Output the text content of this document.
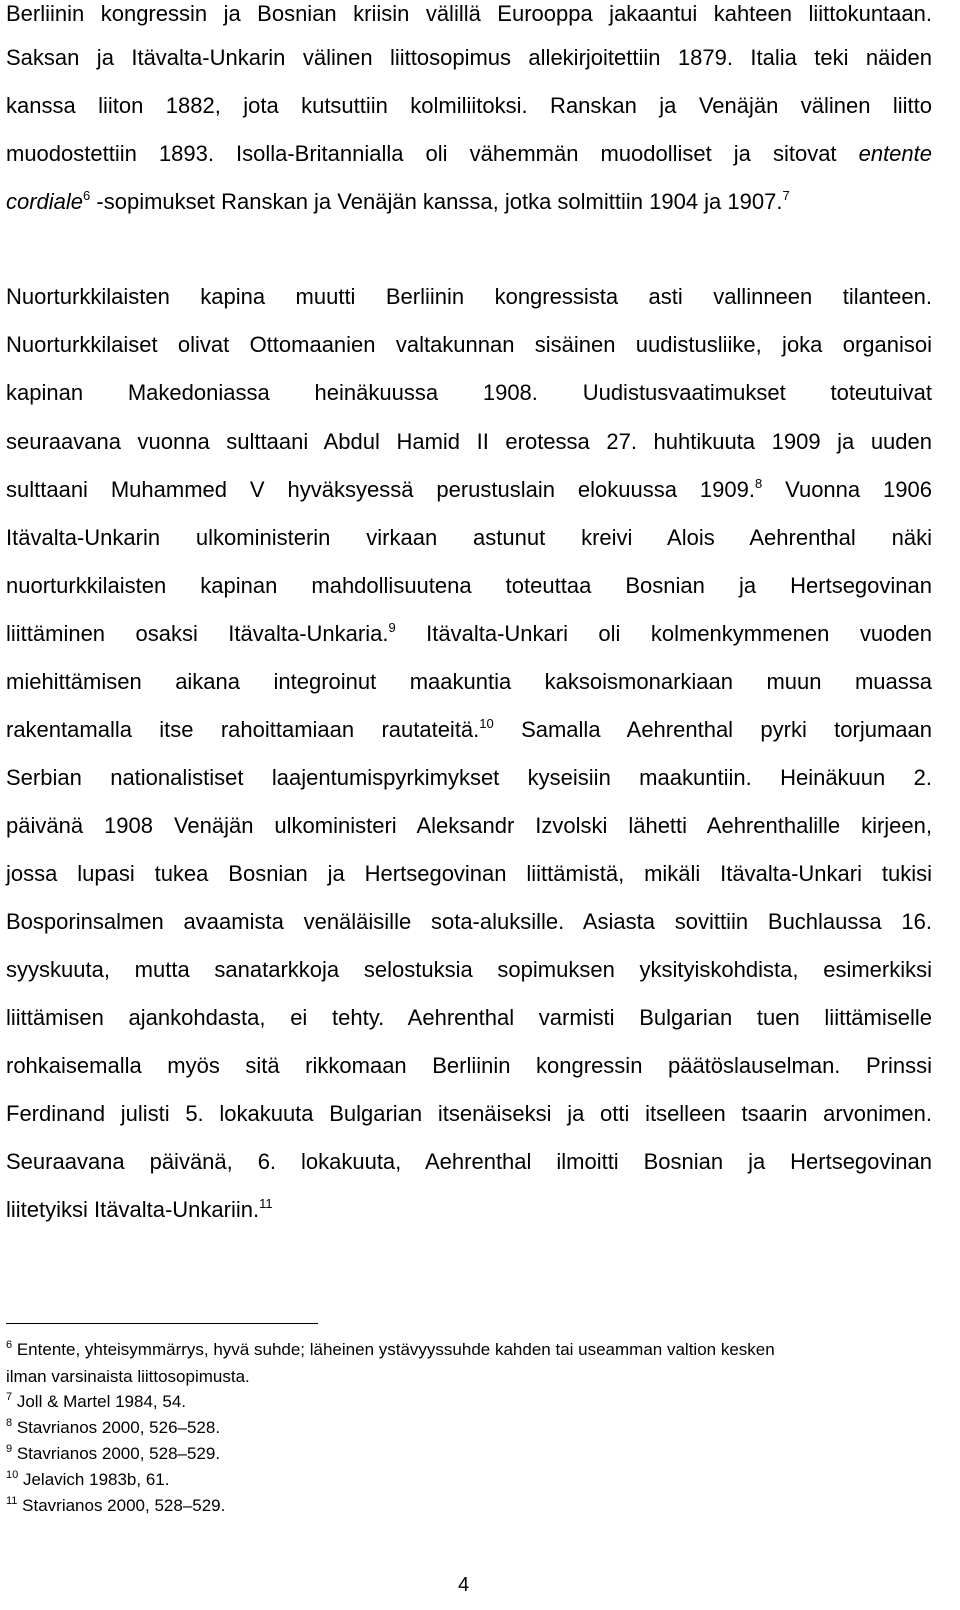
Berliinin kongressin ja Bosnian kriisin välillä Eurooppa jakaantui kahteen liittokuntaan.
Saksan ja Itävalta-Unkarin välinen liittosopimus allekirjoitettiin 1879. Italia teki näiden
kanssa liiton 1882, jota kutsuttiin kolmiliitoksi. Ranskan ja Venäjän välinen liitto
muodostettiin 1893. Isolla-Britannialla oli vähemmän muodolliset ja sitovat entente
cordiale$^6$ -sopimukset Ranskan ja Venäjän kanssa, jotka solmittiin 1904 ja 1907.$^7$
Nuorturkkilaisten kapina muutti Berliinin kongressista asti vallinneen tilanteen.
Nuorturkkilaiset olivat Ottomaanien valtakunnan sisäinen uudistusliike, joka organisoi
kapinan Makedoniassa heinäkuussa 1908. Uudistusvaatimukset toteutuivat
seuraavana vuonna sulttaani Abdul Hamid II erotessa 27. huhtikuuta 1909 ja uuden
sulttaani Muhammed V hyväksyessä perustuslain elokuussa 1909.$^8$ Vuonna 1906
Itävalta-Unkarin ulkoministerin virkaan astunut kreivi Alois Aehrenthal näki
nuorturkkilaisten kapinan mahdollisuutena toteuttaa Bosnian ja Hertsegovinan
liittäminen osaksi Itävalta-Unkaria.$^9$ Itävalta-Unkari oli kolmenkymmenen vuoden
miehittämisen aikana integroinut maakuntia kaksoismonarkiaan muun muassa
rakentamalla itse rahoittamiaan rautateitä.$^{10}$ Samalla Aehrenthal pyrki torjumaan
Serbian nationalistiset laajentumispyrkimykset kyseisiin maakuntiin. Heinäkuun 2.
päivänä 1908 Venäjän ulkoministeri Aleksandr Izvolski lähetti Aehrenthalille kirjeen,
jossa lupasi tukea Bosnian ja Hertsegovinan liittämistä, mikäli Itävalta-Unkari tukisi
Bosporinsalmen avaamista venäläisille sota-aluksille. Asiasta sovittiin Buchlaussa 16.
syyskuuta, mutta sanatarkkoja selostuksia sopimuksen yksityiskohdista, esimerkiksi
liittämisen ajankohdasta, ei tehty. Aehrenthal varmisti Bulgarian tuen liittämiselle
rohkaisemalla myös sitä rikkomaan Berliinin kongressin päätöslauselman. Prinssi
Ferdinand julisti 5. lokakuuta Bulgarian itsenäiseksi ja otti itselleen tsaarin arvonimen.
Seuraavana päivänä, 6. lokakuuta, Aehrenthal ilmoitti Bosnian ja Hertsegovinan
liitetyiksi Itävalta-Unkariin.$^{11}$
$^6$ Entente, yhteisymmärrys, hyvä suhde; läheinen ystävyyssuhde kahden tai useamman valtion kesken
ilman varsinaista liittosopimusta.
$^7$ Joll & Martel 1984, 54.
$^8$ Stavrianos 2000, 526–528.
$^9$ Stavrianos 2000, 528–529.
$^{10}$ Jelavich 1983b, 61.
$^{11}$ Stavrianos 2000, 528–529.
4
